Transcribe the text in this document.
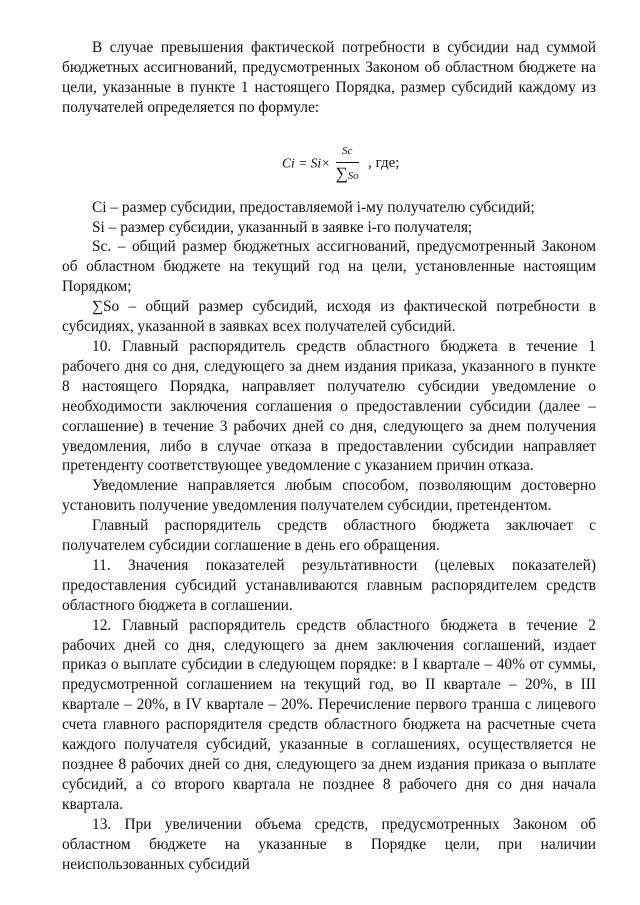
В случае превышения фактической потребности в субсидии над суммой бюджетных ассигнований, предусмотренных Законом об областном бюджете на цели, указанные в пункте 1 настоящего Порядка, размер субсидий каждому из получателей определяется по формуле:

$Ci = Si\times \frac{Sc}{\sum So}$ , где;

Ci – размер субсидии, предоставляемой i-му получателю субсидий;

Si – размер субсидии, указанный в заявке i-го получателя;

Sc. – общий размер бюджетных ассигнований, предусмотренный Законом об областном бюджете на текущий год на цели, установленные настоящим Порядком;

∑So – общий размер субсидий, исходя из фактической потребности в субсидиях, указанной в заявках всех получателей субсидий.

10. Главный распорядитель средств областного бюджета в течение 1 рабочего дня со дня, следующего за днем издания приказа, указанного в пункте 8 настоящего Порядка, направляет получателю субсидии уведомление о необходимости заключения соглашения о предоставлении субсидии (далее – соглашение) в течение 3 рабочих дней со дня, следующего за днем получения уведомления, либо в случае отказа в предоставлении субсидии направляет претенденту соответствующее уведомление с указанием причин отказа.

Уведомление направляется любым способом, позволяющим достоверно установить получение уведомления получателем субсидии, претендентом.

Главный распорядитель средств областного бюджета заключает с получателем субсидии соглашение в день его обращения.

11. Значения показателей результативности (целевых показателей) предоставления субсидий устанавливаются главным распорядителем средств областного бюджета в соглашении.

12. Главный распорядитель средств областного бюджета в течение 2 рабочих дней со дня, следующего за днем заключения соглашений, издает приказ о выплате субсидии в следующем порядке: в I квартале – 40% от суммы, предусмотренной соглашением на текущий год, во II квартале – 20%, в III квартале – 20%, в IV квартале – 20%. Перечисление первого транша с лицевого счета главного распорядителя средств областного бюджета на расчетные счета каждого получателя субсидий, указанные в соглашениях, осуществляется не позднее 8 рабочих дней со дня, следующего за днем издания приказа о выплате субсидий, а со второго квартала не позднее 8 рабочего дня со дня начала квартала.

13. При увеличении объема средств, предусмотренных Законом об областном бюджете на указанные в Порядке цели, при наличии неиспользованных субсидий
